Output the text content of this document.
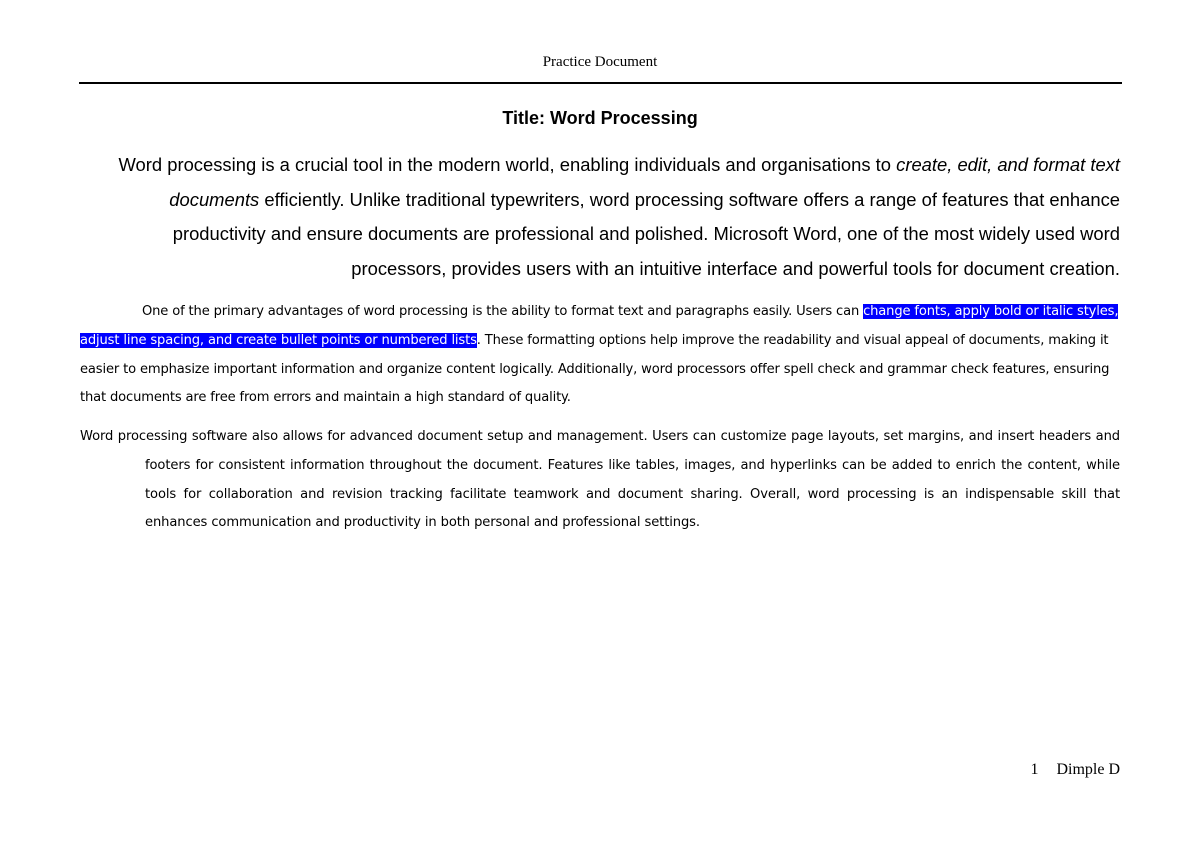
Practice Document
Title: Word Processing

Word processing is a crucial tool in the modern world, enabling individuals and organisations to create, edit, and format text documents efficiently. Unlike traditional typewriters, word processing software offers a range of features that enhance productivity and ensure documents are professional and polished. Microsoft Word, one of the most widely used word processors, provides users with an intuitive interface and powerful tools for document creation.

One of the primary advantages of word processing is the ability to format text and paragraphs easily. Users can change fonts, apply bold or italic styles, adjust line spacing, and create bullet points or numbered lists. These formatting options help improve the readability and visual appeal of documents, making it easier to emphasize important information and organize content logically. Additionally, word processors offer spell check and grammar check features, ensuring that documents are free from errors and maintain a high standard of quality.

Word processing software also allows for advanced document setup and management. Users can customize page layouts, set margins, and insert headers and footers for consistent information throughout the document. Features like tables, images, and hyperlinks can be added to enrich the content, while tools for collaboration and revision tracking facilitate teamwork and document sharing. Overall, word processing is an indispensable skill that enhances communication and productivity in both personal and professional settings.

1 Dimple D
